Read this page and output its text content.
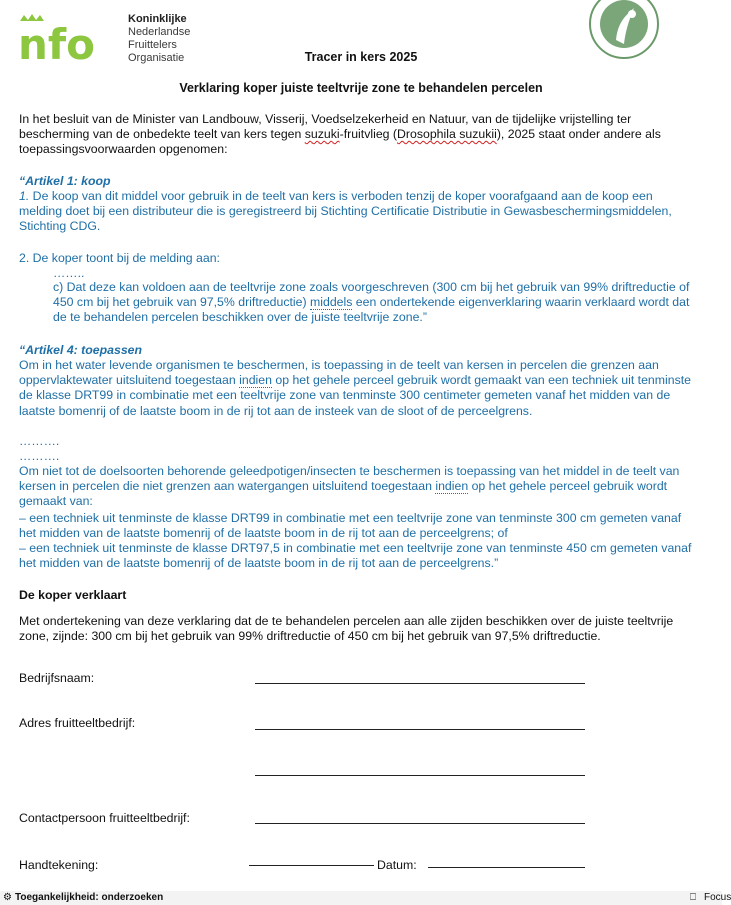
nfo
Koninklijke
Nederlandse
Fruittelers
Organisatie	Tracer in kers 2025
Verklaring koper juiste teeltvrije zone te behandelen percelen
In het besluit van de Minister van Landbouw, Visserij, Voedselzekerheid en Natuur, van de tijdelijke vrijstelling ter bescherming van de onbedekte teelt van kers tegen suzuki-fruitvlieg (Drosophila suzukii), 2025 staat onder andere als toepassingsvoorwaarden opgenomen:
“Artikel 1: koop
1. De koop van dit middel voor gebruik in de teelt van kers is verboden tenzij de koper voorafgaand aan de koop een melding doet bij een distributeur die is geregistreerd bij Stichting Certificatie Distributie in Gewasbeschermingsmiddelen, Stichting CDG.
2. De koper toont bij de melding aan:
……..
c) Dat deze kan voldoen aan de teeltvrije zone zoals voorgeschreven (300 cm bij het gebruik van 99% driftreductie of 450 cm bij het gebruik van 97,5% driftreductie) middels een ondertekende eigenverklaring waarin verklaard wordt dat de te behandelen percelen beschikken over de juiste teeltvrije zone.”
“Artikel 4: toepassen
Om in het water levende organismen te beschermen, is toepassing in de teelt van kersen in percelen die grenzen aan oppervlaktewater uitsluitend toegestaan indien op het gehele perceel gebruik wordt gemaakt van een techniek uit tenminste de klasse DRT99 in combinatie met een teeltvrije zone van tenminste 300 centimeter gemeten vanaf het midden van de laatste bomenrij of de laatste boom in de rij tot aan de insteek van de sloot of de perceelgrens.
……….
……….
Om niet tot de doelsoorten behorende geleedpotigen/insecten te beschermen is toepassing van het middel in de teelt van kersen in percelen die niet grenzen aan watergangen uitsluitend toegestaan indien op het gehele perceel gebruik wordt gemaakt van:
– een techniek uit tenminste de klasse DRT99 in combinatie met een teeltvrije zone van tenminste 300 cm gemeten vanaf het midden van de laatste bomenrij of de laatste boom in de rij tot aan de perceelgrens; of
– een techniek uit tenminste de klasse DRT97,5 in combinatie met een teeltvrije zone van tenminste 450 cm gemeten vanaf het midden van de laatste bomenrij of de laatste boom in de rij tot aan de perceelgrens.”
De koper verklaart
Met ondertekening van deze verklaring dat de te behandelen percelen aan alle zijden beschikken over de juiste teeltvrije zone, zijnde: 300 cm bij het gebruik van 99% driftreductie of 450 cm bij het gebruik van 97,5% driftreductie.
Bedrijfsnaam:
Adres fruitteeltbedrijf:
Contactpersoon fruitteeltbedrijf:
Handtekening:	Datum:
⚙ Toegankelijkheid: onderzoeken	⎕ Focus
